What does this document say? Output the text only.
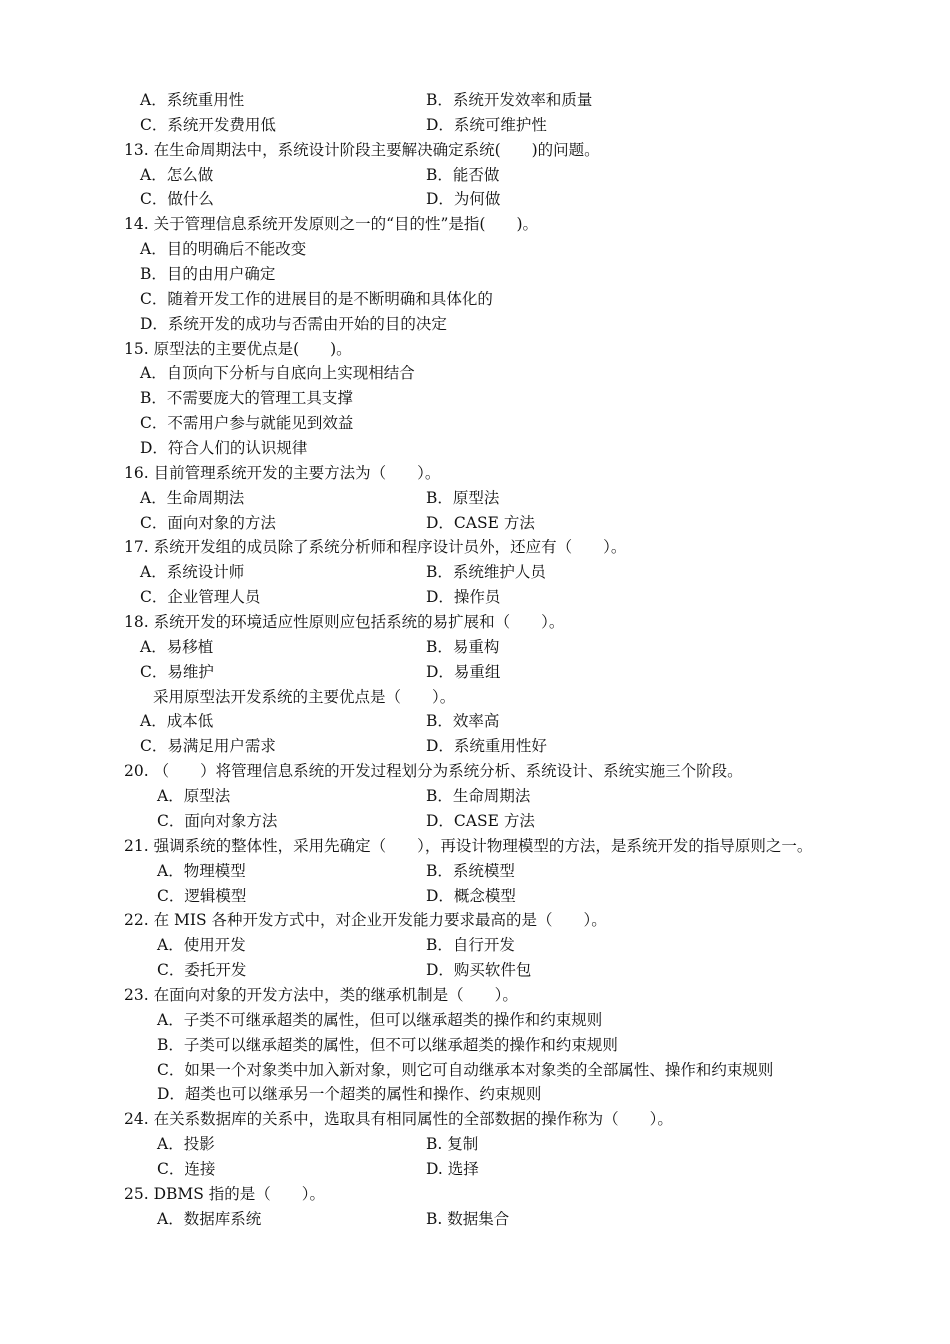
A．系统重用性	B．系统开发效率和质量
C．系统开发费用低	D．系统可维护性
13. 在生命周期法中，系统设计阶段主要解决确定系统(　　)的问题。
A．怎么做	B．能否做
C．做什么	D．为何做
14. 关于管理信息系统开发原则之一的“目的性”是指(　　)。
A．目的明确后不能改变
B．目的由用户确定
C．随着开发工作的进展目的是不断明确和具体化的
D．系统开发的成功与否需由开始的目的决定
15. 原型法的主要优点是(　　)。
A．自顶向下分析与自底向上实现相结合
B．不需要庞大的管理工具支撑
C．不需用户参与就能见到效益
D．符合人们的认识规律
16. 目前管理系统开发的主要方法为（　　）。
A．生命周期法	B．原型法
C．面向对象的方法	D．CASE 方法
17. 系统开发组的成员除了系统分析师和程序设计员外，还应有（　　）。
A．系统设计师	B．系统维护人员
C．企业管理人员	D．操作员
18. 系统开发的环境适应性原则应包括系统的易扩展和（　　）。
A．易移植	B．易重构
C．易维护	D．易重组
采用原型法开发系统的主要优点是（　　）。
A．成本低	B．效率高
C．易满足用户需求	D．系统重用性好
20. （　　）将管理信息系统的开发过程划分为系统分析、系统设计、系统实施三个阶段。
A．原型法	B．生命周期法
C．面向对象方法	D．CASE 方法
21. 强调系统的整体性，采用先确定（　　），再设计物理模型的方法，是系统开发的指导原则之一。
A．物理模型	B．系统模型
C．逻辑模型	D．概念模型
22. 在 MIS 各种开发方式中，对企业开发能力要求最高的是（　　）。
A．使用开发	B．自行开发
C．委托开发	D．购买软件包
23. 在面向对象的开发方法中，类的继承机制是（　　）。
A．子类不可继承超类的属性，但可以继承超类的操作和约束规则
B．子类可以继承超类的属性，但不可以继承超类的操作和约束规则
C．如果一个对象类中加入新对象，则它可自动继承本对象类的全部属性、操作和约束规则
D．超类也可以继承另一个超类的属性和操作、约束规则
24. 在关系数据库的关系中，选取具有相同属性的全部数据的操作称为（　　）。
A．投影	B. 复制
C．连接	D. 选择
25. DBMS 指的是（　　）。
A．数据库系统	B. 数据集合
